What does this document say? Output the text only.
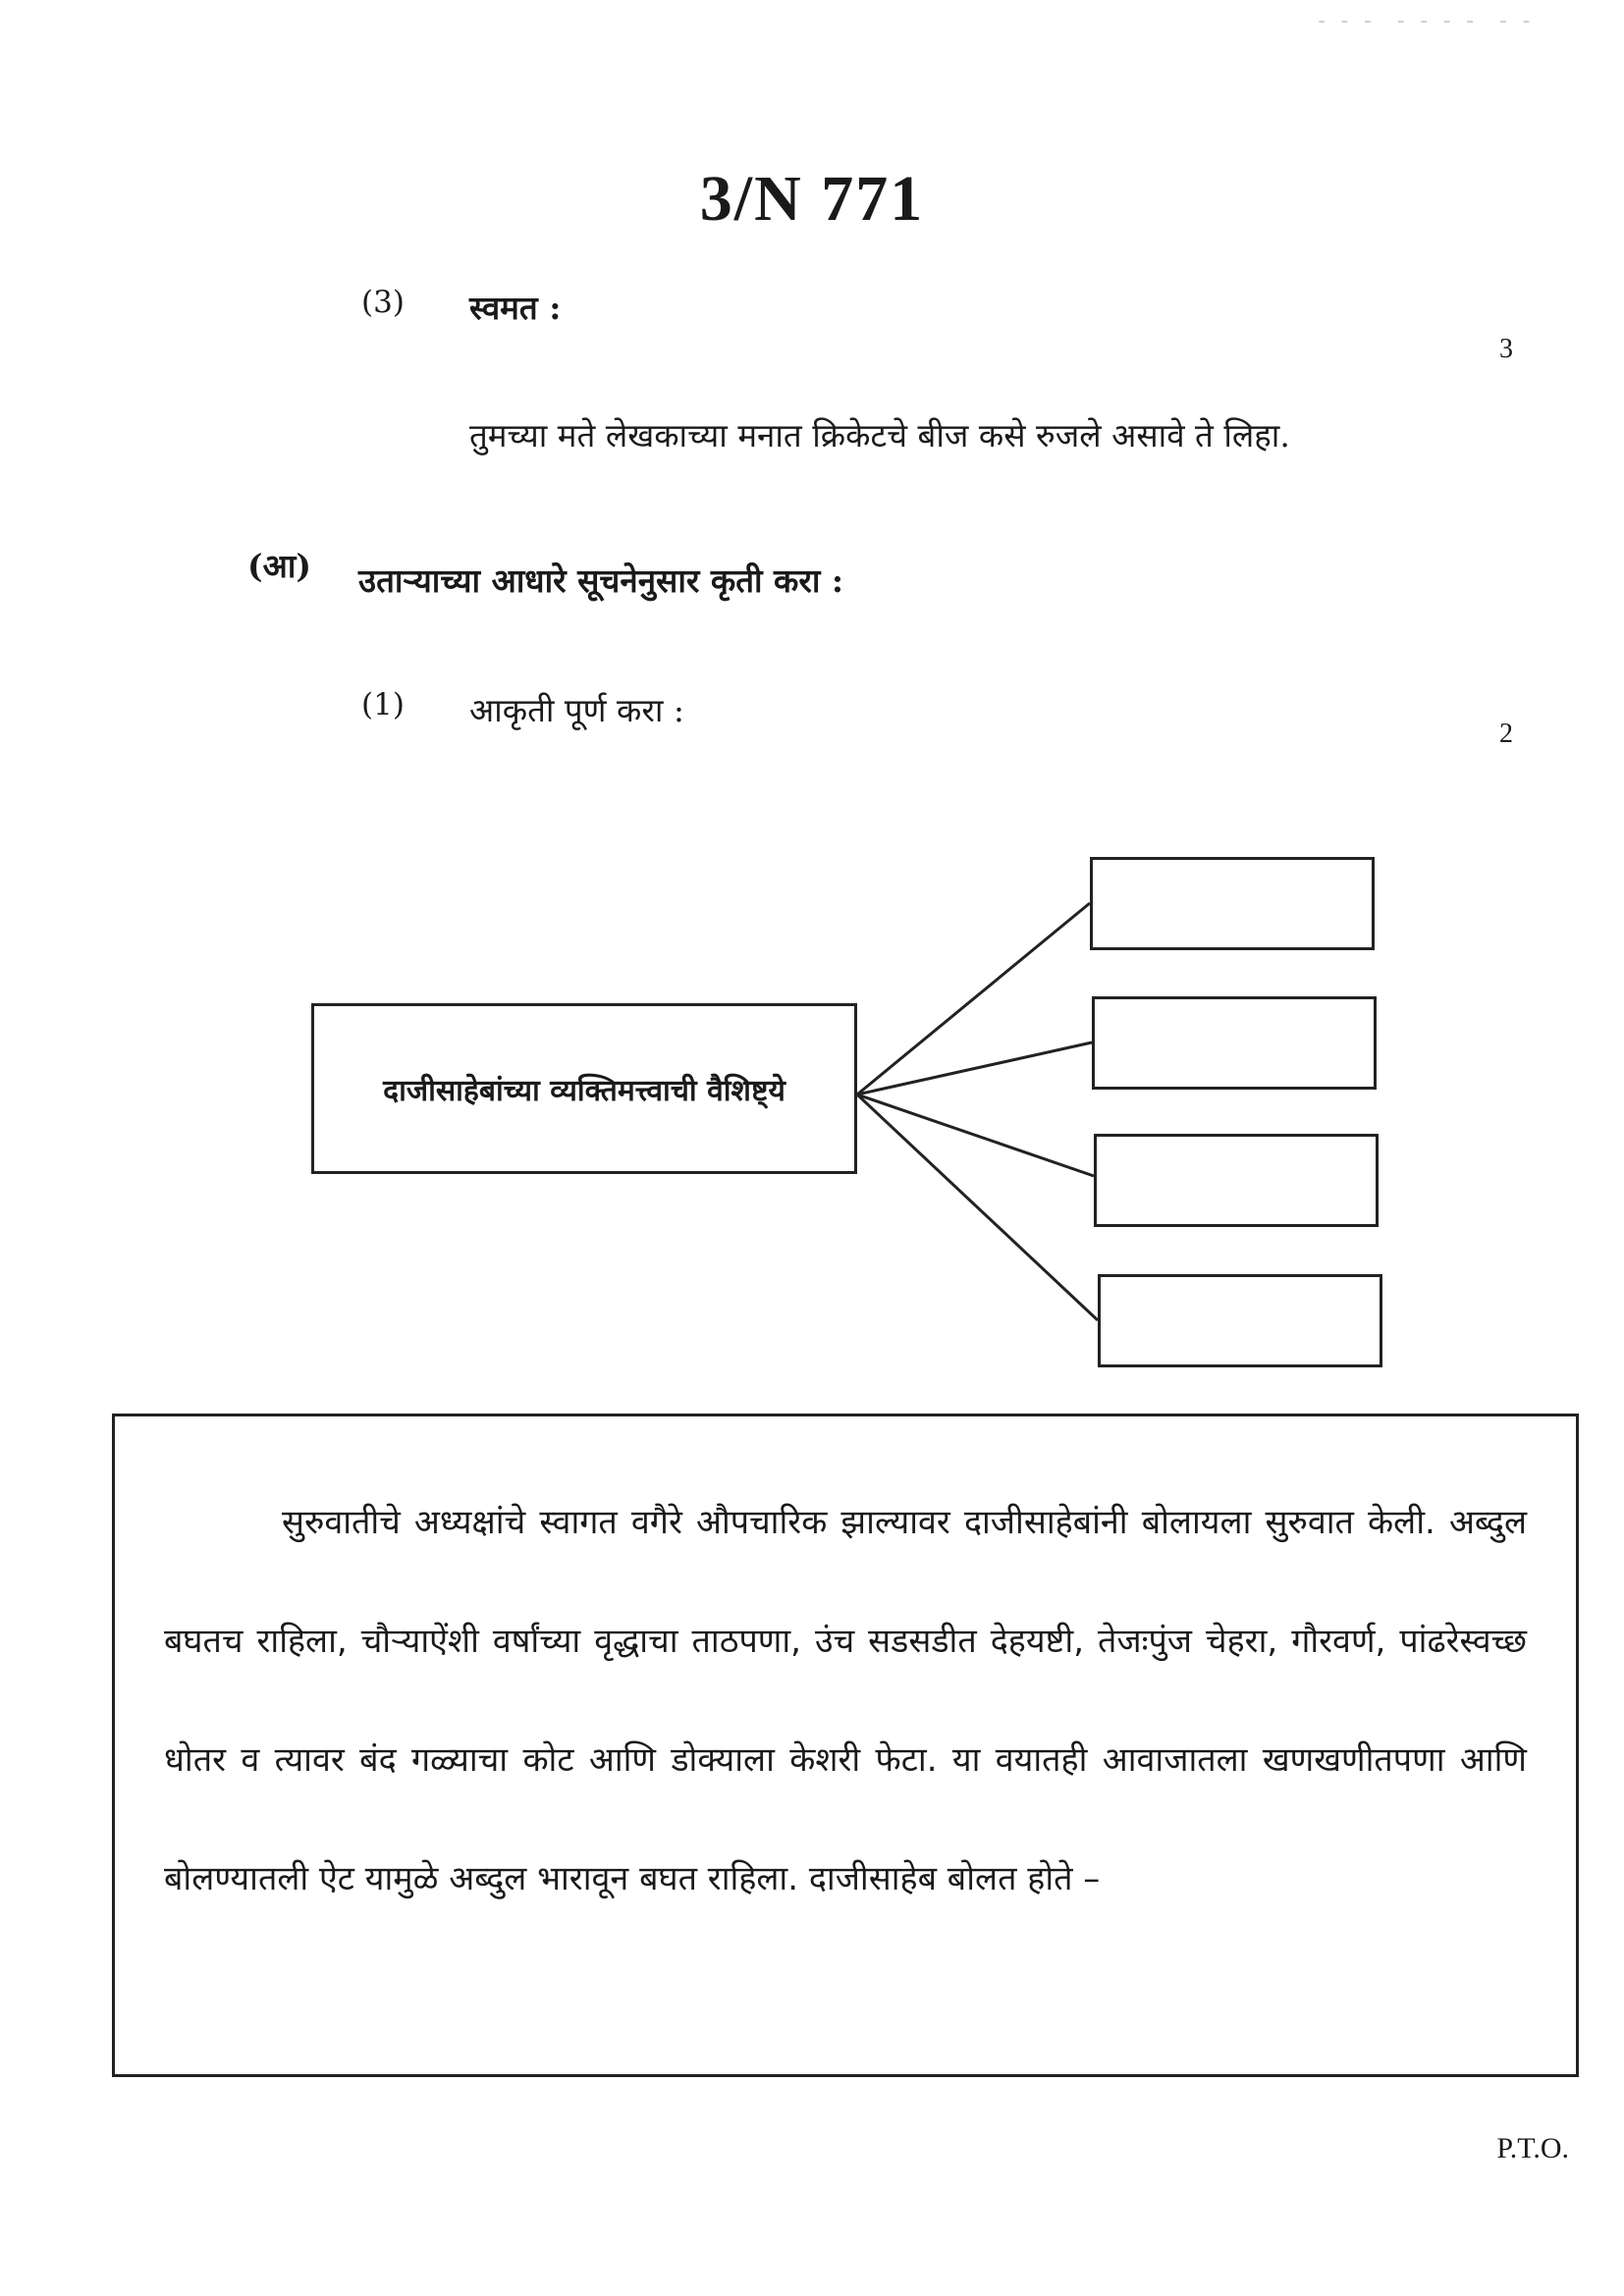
– – –  – – – –  – –
3/N 771
(3) स्वमत :
3
तुमच्या मते लेखकाच्या मनात क्रिकेटचे बीज कसे रुजले असावे ते लिहा.
(आ) उताऱ्याच्या आधारे सूचनेनुसार कृती करा :
(1) आकृती पूर्ण करा :
2
दाजीसाहेबांच्या व्यक्तिमत्त्वाची वैशिष्ट्ये
सुरुवातीचे अध्यक्षांचे स्वागत वगैरे औपचारिक झाल्यावर दाजीसाहेबांनी बोलायला सुरुवात केली. अब्दुल बघतच राहिला, चौऱ्याऐंशी वर्षांच्या वृद्धाचा ताठपणा, उंच सडसडीत देहयष्टी, तेजःपुंज चेहरा, गौरवर्ण, पांढरेस्वच्छ धोतर व त्यावर बंद गळ्याचा कोट आणि डोक्याला केशरी फेटा. या वयातही आवाजातला खणखणीतपणा आणि बोलण्यातली ऐट यामुळे अब्दुल भारावून बघत राहिला. दाजीसाहेब बोलत होते –
P.T.O.
